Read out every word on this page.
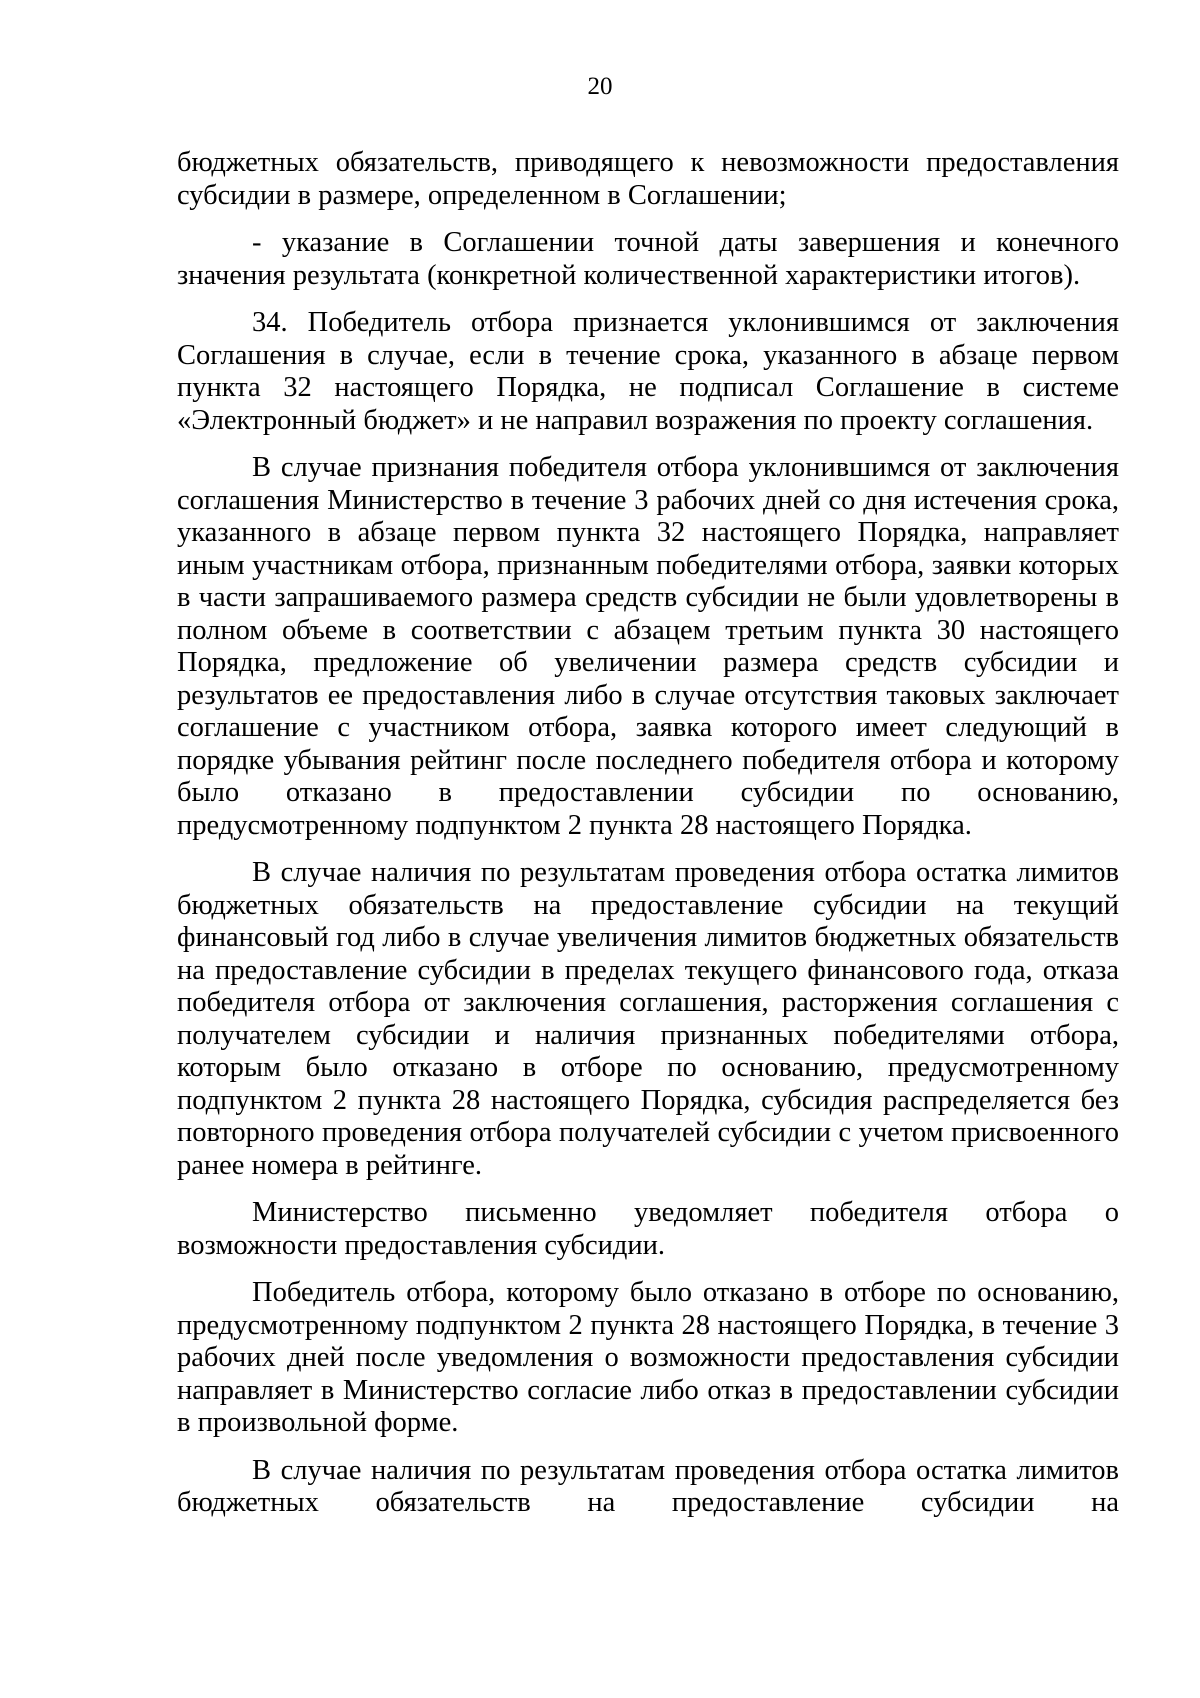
20

бюджетных обязательств, приводящего к невозможности предоставления субсидии в размере, определенном в Соглашении;

- указание в Соглашении точной даты завершения и конечного значения результата (конкретной количественной характеристики итогов).

34. Победитель отбора признается уклонившимся от заключения Соглашения в случае, если в течение срока, указанного в абзаце первом пункта 32 настоящего Порядка, не подписал Соглашение в системе «Электронный бюджет» и не направил возражения по проекту соглашения.

В случае признания победителя отбора уклонившимся от заключения соглашения Министерство в течение 3 рабочих дней со дня истечения срока, указанного в абзаце первом пункта 32 настоящего Порядка, направляет иным участникам отбора, признанным победителями отбора, заявки которых в части запрашиваемого размера средств субсидии не были удовлетворены в полном объеме в соответствии с абзацем третьим пункта 30 настоящего Порядка, предложение об увеличении размера средств субсидии и результатов ее предоставления либо в случае отсутствия таковых заключает соглашение с участником отбора, заявка которого имеет следующий в порядке убывания рейтинг после последнего победителя отбора и которому было отказано в предоставлении субсидии по основанию, предусмотренному подпунктом 2 пункта 28 настоящего Порядка.

В случае наличия по результатам проведения отбора остатка лимитов бюджетных обязательств на предоставление субсидии на текущий финансовый год либо в случае увеличения лимитов бюджетных обязательств на предоставление субсидии в пределах текущего финансового года, отказа победителя отбора от заключения соглашения, расторжения соглашения с получателем субсидии и наличия признанных победителями отбора, которым было отказано в отборе по основанию, предусмотренному подпунктом 2 пункта 28 настоящего Порядка, субсидия распределяется без повторного проведения отбора получателей субсидии с учетом присвоенного ранее номера в рейтинге.

Министерство письменно уведомляет победителя отбора о возможности предоставления субсидии.

Победитель отбора, которому было отказано в отборе по основанию, предусмотренному подпунктом 2 пункта 28 настоящего Порядка, в течение 3 рабочих дней после уведомления о возможности предоставления субсидии направляет в Министерство согласие либо отказ в предоставлении субсидии в произвольной форме.

В случае наличия по результатам проведения отбора остатка лимитов бюджетных обязательств на предоставление субсидии на
